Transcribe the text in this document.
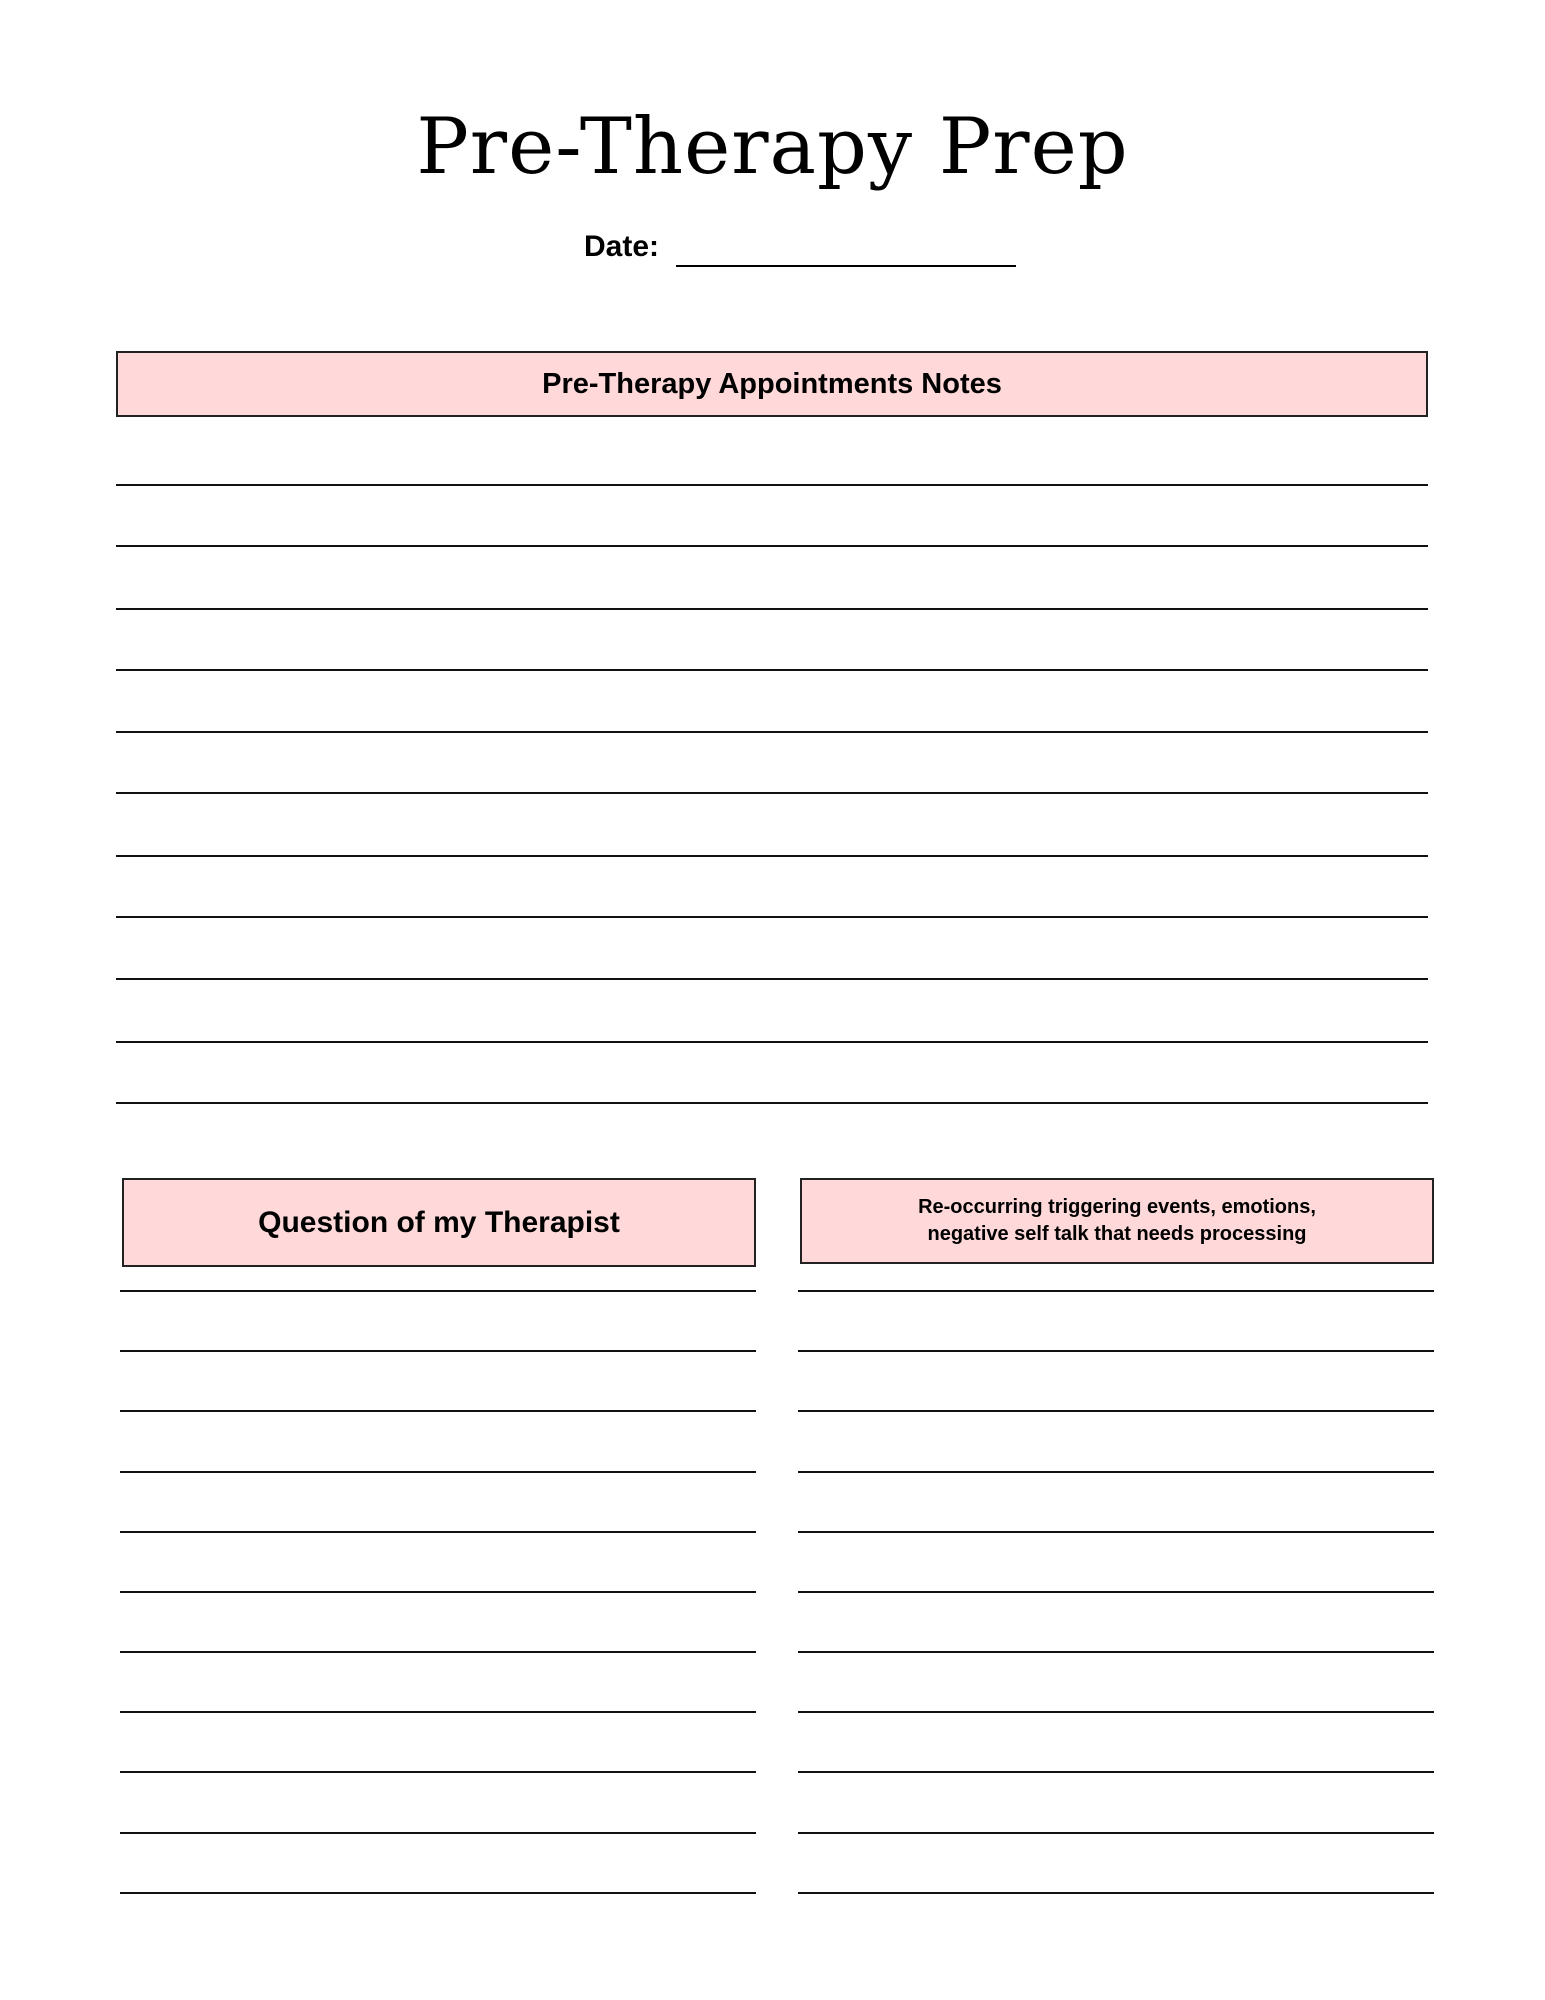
Pre-Therapy Prep
Date:
Pre-Therapy Appointments Notes
Question of my Therapist	Re-occurring triggering events, emotions,
negative self talk that needs processing
